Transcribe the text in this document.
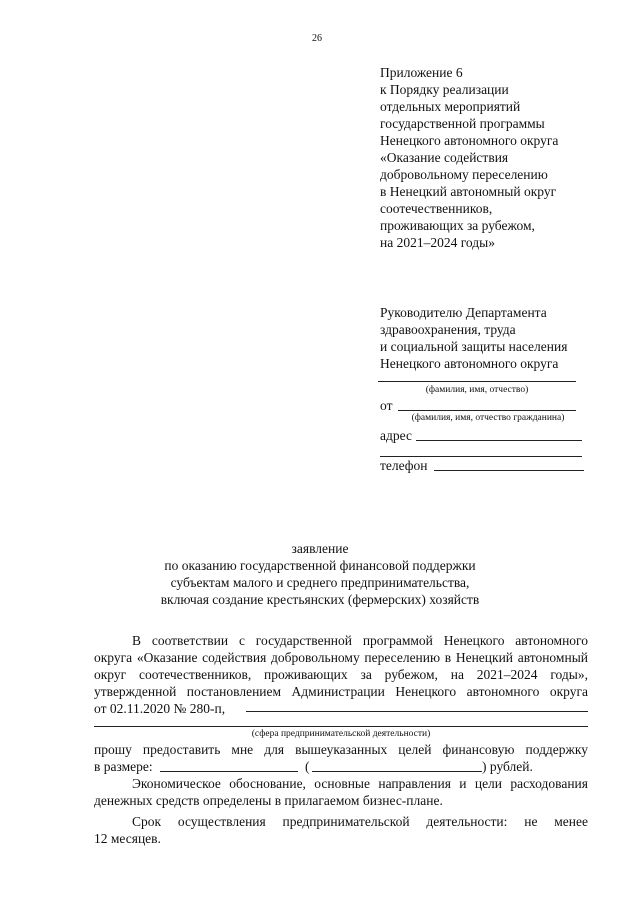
26
Приложение 6
к Порядку реализации
отдельных мероприятий
государственной программы
Ненецкого автономного округа
«Оказание содействия
добровольному переселению
в Ненецкий автономный округ
соотечественников,
проживающих за рубежом,
на 2021–2024 годы»
Руководителю Департамента
здравоохранения, труда
и социальной защиты населения
Ненецкого автономного округа
(фамилия, имя, отчество)
от
(фамилия, имя, отчество гражданина)
адрес
телефон
заявление
по оказанию государственной финансовой поддержки
субъектам малого и среднего предпринимательства,
включая создание крестьянских (фермерских) хозяйств
В соответствии с государственной программой Ненецкого автономного
округа «Оказание содействия добровольному переселению в Ненецкий автономный
округ соотечественников, проживающих за рубежом, на 2021–2024 годы»,
утвержденной постановлением Администрации Ненецкого автономного округа
от 02.11.2020 № 280-п,
(сфера предпринимательской деятельности)
прошу предоставить мне для вышеуказанных целей финансовую поддержку
в размере:	(	) рублей.
Экономическое обоснование, основные направления и цели расходования
денежных средств определены в прилагаемом бизнес-плане.
Срок осуществления предпринимательской деятельности: не менее
12 месяцев.
